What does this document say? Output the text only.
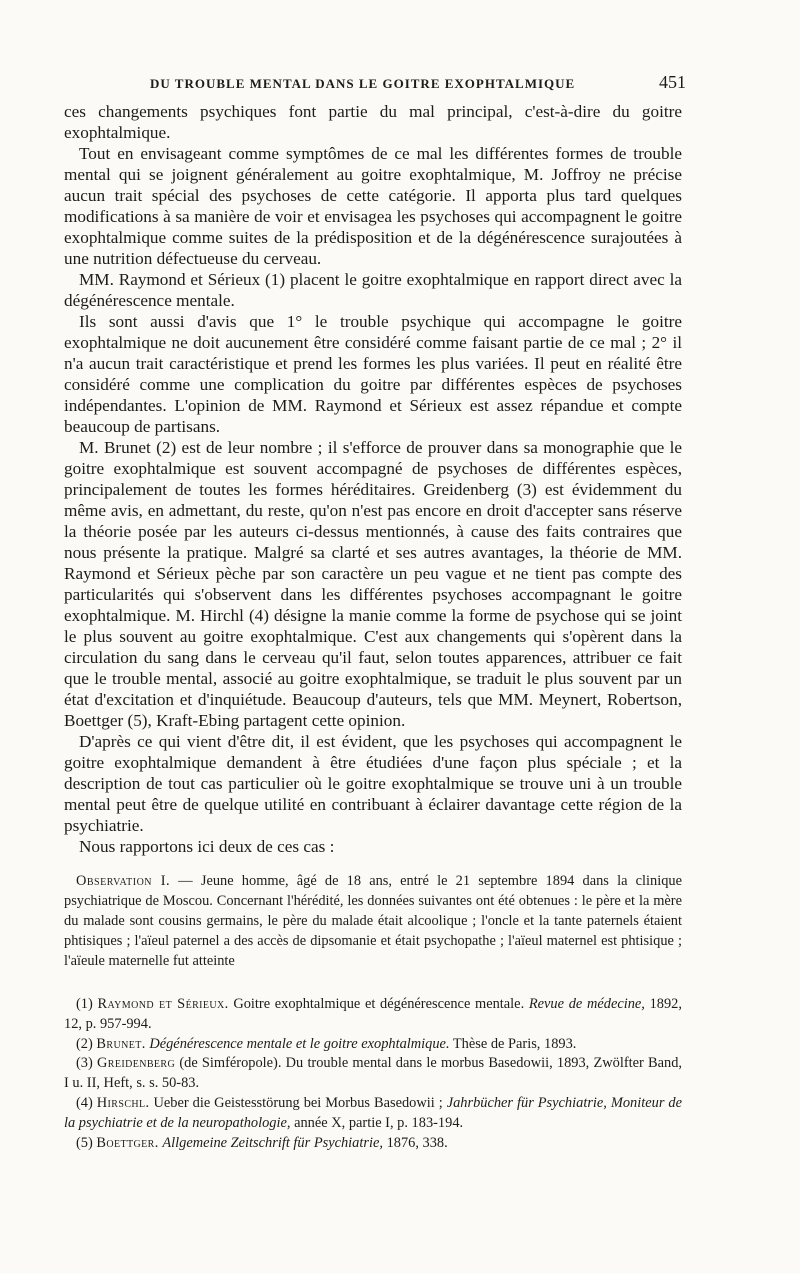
DU TROUBLE MENTAL DANS LE GOITRE EXOPHTALMIQUE	451

ces changements psychiques font partie du mal principal, c'est-à-dire du goitre exophtalmique.

Tout en envisageant comme symptômes de ce mal les différentes formes de trouble mental qui se joignent généralement au goitre exophtalmique, M. Joffroy ne précise aucun trait spécial des psychoses de cette catégorie. Il apporta plus tard quelques modifications à sa manière de voir et envisagea les psychoses qui accompagnent le goitre exophtalmique comme suites de la prédisposition et de la dégénérescence surajoutées à une nutrition défectueuse du cerveau.

MM. Raymond et Sérieux (1) placent le goitre exophtalmique en rapport direct avec la dégénérescence mentale.

Ils sont aussi d'avis que 1° le trouble psychique qui accompagne le goitre exophtalmique ne doit aucunement être considéré comme faisant partie de ce mal ; 2° il n'a aucun trait caractéristique et prend les formes les plus variées. Il peut en réalité être considéré comme une complication du goitre par différentes espèces de psychoses indépendantes. L'opinion de MM. Raymond et Sérieux est assez répandue et compte beaucoup de partisans.

M. Brunet (2) est de leur nombre ; il s'efforce de prouver dans sa monographie que le goitre exophtalmique est souvent accompagné de psychoses de différentes espèces, principalement de toutes les formes héréditaires. Greidenberg (3) est évidemment du même avis, en admettant, du reste, qu'on n'est pas encore en droit d'accepter sans réserve la théorie posée par les auteurs ci-dessus mentionnés, à cause des faits contraires que nous présente la pratique. Malgré sa clarté et ses autres avantages, la théorie de MM. Raymond et Sérieux pèche par son caractère un peu vague et ne tient pas compte des particularités qui s'observent dans les différentes psychoses accompagnant le goitre exophtalmique. M. Hirchl (4) désigne la manie comme la forme de psychose qui se joint le plus souvent au goitre exophtalmique. C'est aux changements qui s'opèrent dans la circulation du sang dans le cerveau qu'il faut, selon toutes apparences, attribuer ce fait que le trouble mental, associé au goitre exophtalmique, se traduit le plus souvent par un état d'excitation et d'inquiétude. Beaucoup d'auteurs, tels que MM. Meynert, Robertson, Boettger (5), Kraft-Ebing partagent cette opinion.

D'après ce qui vient d'être dit, il est évident, que les psychoses qui accompagnent le goitre exophtalmique demandent à être étudiées d'une façon plus spéciale ; et la description de tout cas particulier où le goitre exophtalmique se trouve uni à un trouble mental peut être de quelque utilité en contribuant à éclairer davantage cette région de la psychiatrie.

Nous rapportons ici deux de ces cas :

Observation I. — Jeune homme, âgé de 18 ans, entré le 21 septembre 1894 dans la clinique psychiatrique de Moscou. Concernant l'hérédité, les données suivantes ont été obtenues : le père et la mère du malade sont cousins germains, le père du malade était alcoolique ; l'oncle et la tante paternels étaient phtisiques ; l'aïeul paternel a des accès de dipsomanie et était psychopathe ; l'aïeul maternel est phtisique ; l'aïeule maternelle fut atteinte

(1) Raymond et Sérieux. Goitre exophtalmique et dégénérescence mentale. Revue de médecine, 1892, 12, p. 957-994.

(2) Brunet. Dégénérescence mentale et le goitre exophtalmique. Thèse de Paris, 1893.

(3) Greidenberg (de Simféropole). Du trouble mental dans le morbus Basedowii, 1893, Zwölfter Band, I u. II, Heft, s. s. 50-83.

(4) Hirschl. Ueber die Geistesstörung bei Morbus Basedowii ; Jahrbücher für Psychiatrie, Moniteur de la psychiatrie et de la neuropathologie, année X, partie I, p. 183-194.

(5) Boettger. Allgemeine Zeitschrift für Psychiatrie, 1876, 338.
